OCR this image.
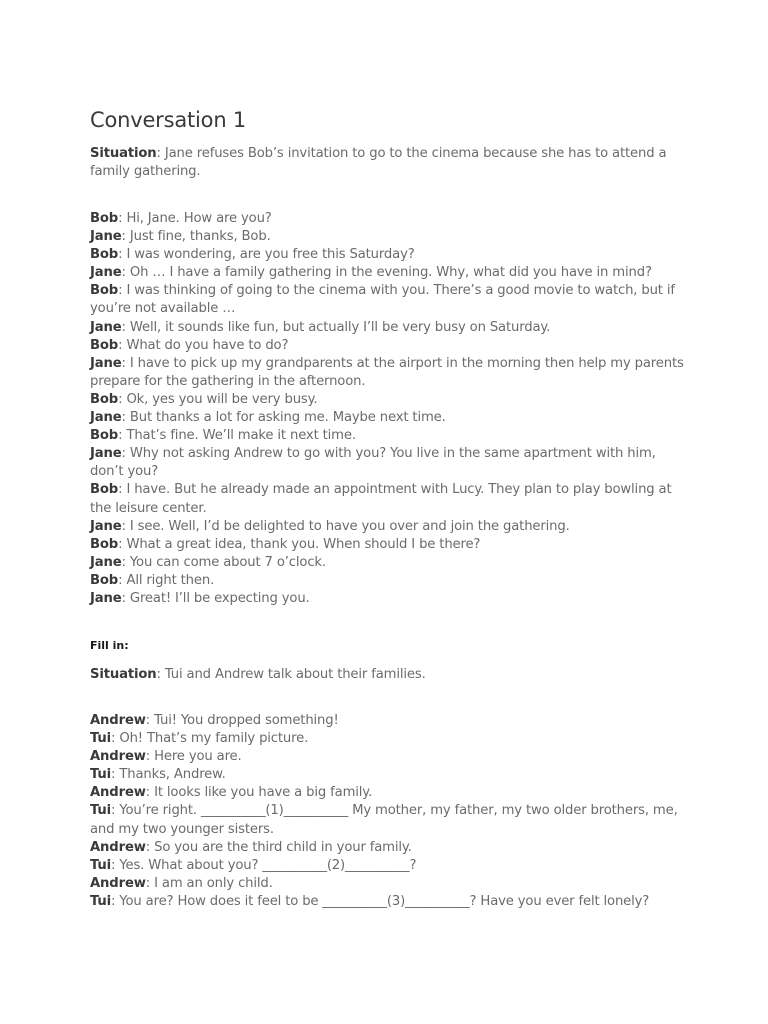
Conversation 1
Situation: Jane refuses Bob’s invitation to go to the cinema because she has to attend a family gathering.
Bob: Hi, Jane. How are you?
Jane: Just fine, thanks, Bob.
Bob: I was wondering, are you free this Saturday?
Jane: Oh … I have a family gathering in the evening. Why, what did you have in mind?
Bob: I was thinking of going to the cinema with you. There’s a good movie to watch, but if you’re not available …
Jane: Well, it sounds like fun, but actually I’ll be very busy on Saturday.
Bob: What do you have to do?
Jane: I have to pick up my grandparents at the airport in the morning then help my parents prepare for the gathering in the afternoon.
Bob: Ok, yes you will be very busy.
Jane: But thanks a lot for asking me. Maybe next time.
Bob: That’s fine. We’ll make it next time.
Jane: Why not asking Andrew to go with you? You live in the same apartment with him, don’t you?
Bob: I have. But he already made an appointment with Lucy. They plan to play bowling at the leisure center.
Jane: I see. Well, I’d be delighted to have you over and join the gathering.
Bob: What a great idea, thank you. When should I be there?
Jane: You can come about 7 o’clock.
Bob: All right then.
Jane: Great! I’ll be expecting you.
Fill in:
Situation: Tui and Andrew talk about their families.
Andrew: Tui! You dropped something!
Tui: Oh! That’s my family picture.
Andrew: Here you are.
Tui: Thanks, Andrew.
Andrew: It looks like you have a big family.
Tui: You’re right. __________(1)__________ My mother, my father, my two older brothers, me, and my two younger sisters.
Andrew: So you are the third child in your family.
Tui: Yes. What about you? __________(2)__________?
Andrew: I am an only child.
Tui: You are? How does it feel to be __________(3)__________? Have you ever felt lonely?
